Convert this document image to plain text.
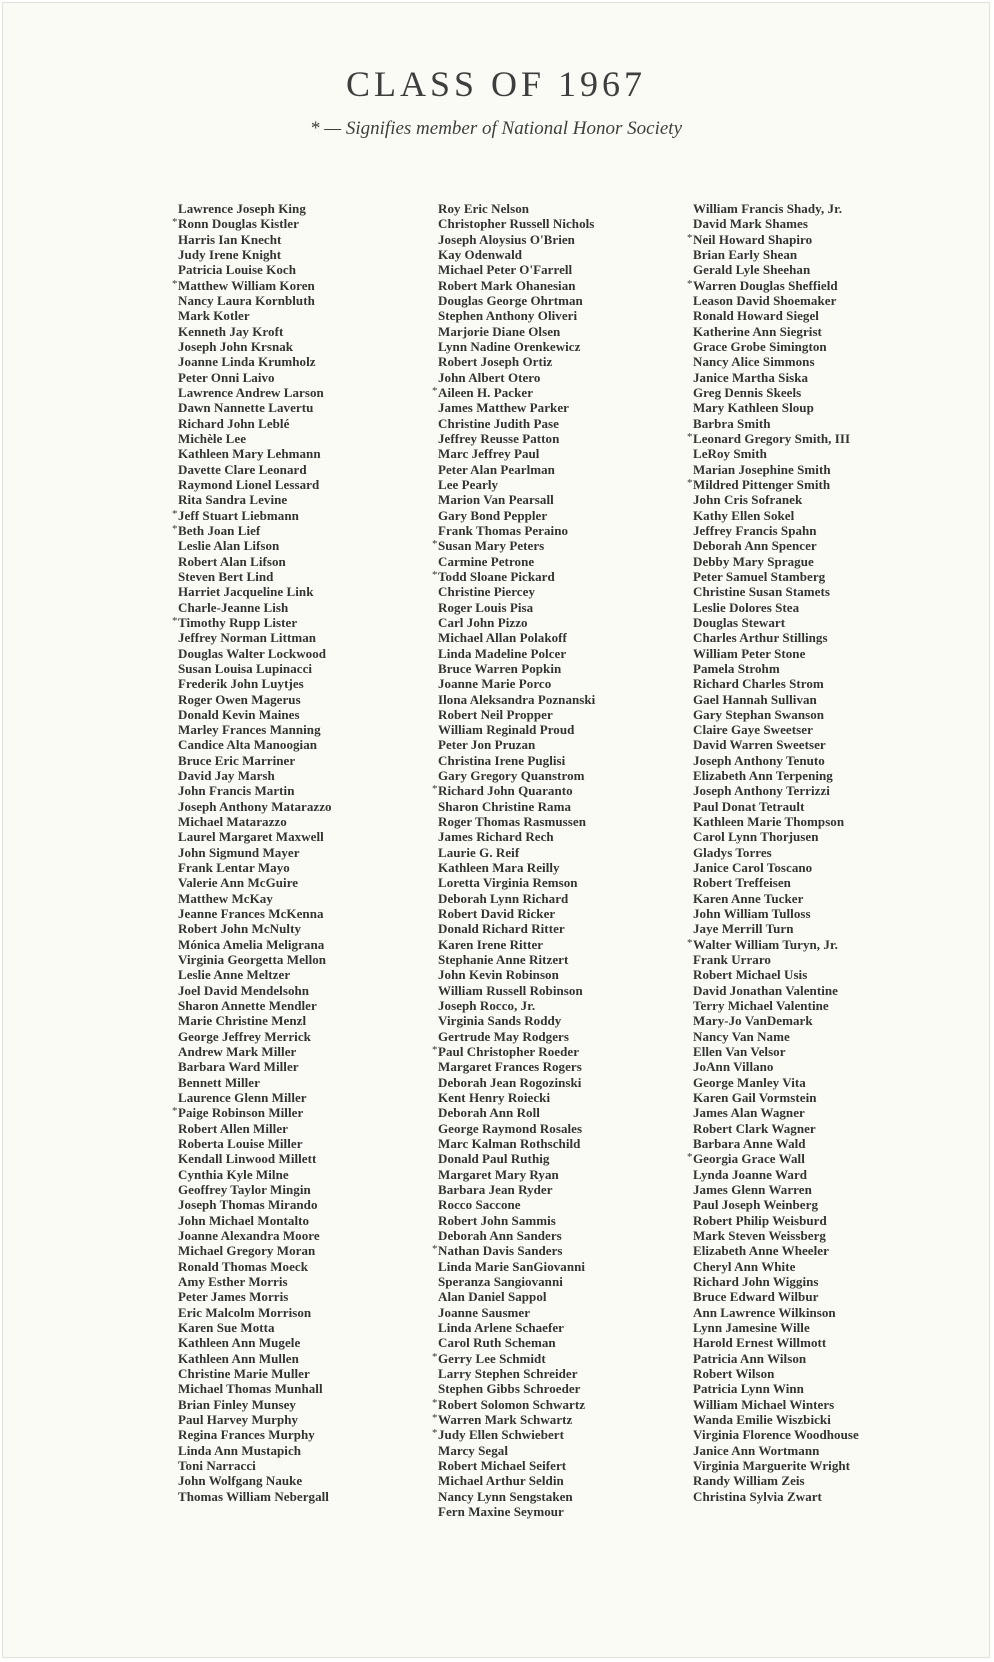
CLASS OF 1967
* — Signifies member of National Honor Society
Lawrence Joseph King
* Ronn Douglas Kistler
Harris Ian Knecht
Judy Irene Knight
Patricia Louise Koch
* Matthew William Koren
Nancy Laura Kornbluth
Mark Kotler
Kenneth Jay Kroft
Joseph John Krsnak
Joanne Linda Krumholz
Peter Onni Laivo
Lawrence Andrew Larson
Dawn Nannette Lavertu
Richard John Leblé
Michèle Lee
Kathleen Mary Lehmann
Davette Clare Leonard
Raymond Lionel Lessard
Rita Sandra Levine
* Jeff Stuart Liebmann
* Beth Joan Lief
Leslie Alan Lifson
Robert Alan Lifson
Steven Bert Lind
Harriet Jacqueline Link
Charle-Jeanne Lish
* Timothy Rupp Lister
Jeffrey Norman Littman
Douglas Walter Lockwood
Susan Louisa Lupinacci
Frederik John Luytjes
Roger Owen Magerus
Donald Kevin Maines
Marley Frances Manning
Candice Alta Manoogian
Bruce Eric Marriner
David Jay Marsh
John Francis Martin
Joseph Anthony Matarazzo
Michael Matarazzo
Laurel Margaret Maxwell
John Sigmund Mayer
Frank Lentar Mayo
Valerie Ann McGuire
Matthew McKay
Jeanne Frances McKenna
Robert John McNulty
Mónica Amelia Meligrana
Virginia Georgetta Mellon
Leslie Anne Meltzer
Joel David Mendelsohn
Sharon Annette Mendler
Marie Christine Menzl
George Jeffrey Merrick
Andrew Mark Miller
Barbara Ward Miller
Bennett Miller
Laurence Glenn Miller
* Paige Robinson Miller
Robert Allen Miller
Roberta Louise Miller
Kendall Linwood Millett
Cynthia Kyle Milne
Geoffrey Taylor Mingin
Joseph Thomas Mirando
John Michael Montalto
Joanne Alexandra Moore
Michael Gregory Moran
Ronald Thomas Moeck
Amy Esther Morris
Peter James Morris
Eric Malcolm Morrison
Karen Sue Motta
Kathleen Ann Mugele
Kathleen Ann Mullen
Christine Marie Muller
Michael Thomas Munhall
Brian Finley Munsey
Paul Harvey Murphy
Regina Frances Murphy
Linda Ann Mustapich
Toni Narracci
John Wolfgang Nauke
Thomas William Nebergall
Roy Eric Nelson
Christopher Russell Nichols
Joseph Aloysius O'Brien
Kay Odenwald
Michael Peter O'Farrell
Robert Mark Ohanesian
Douglas George Ohrtman
Stephen Anthony Oliveri
Marjorie Diane Olsen
Lynn Nadine Orenkewicz
Robert Joseph Ortiz
John Albert Otero
* Aileen H. Packer
James Matthew Parker
Christine Judith Pase
Jeffrey Reusse Patton
Marc Jeffrey Paul
Peter Alan Pearlman
Lee Pearly
Marion Van Pearsall
Gary Bond Peppler
Frank Thomas Peraino
* Susan Mary Peters
Carmine Petrone
* Todd Sloane Pickard
Christine Piercey
Roger Louis Pisa
Carl John Pizzo
Michael Allan Polakoff
Linda Madeline Polcer
Bruce Warren Popkin
Joanne Marie Porco
Ilona Aleksandra Poznanski
Robert Neil Propper
William Reginald Proud
Peter Jon Pruzan
Christina Irene Puglisi
Gary Gregory Quanstrom
* Richard John Quaranto
Sharon Christine Rama
Roger Thomas Rasmussen
James Richard Rech
Laurie G. Reif
Kathleen Mara Reilly
Loretta Virginia Remson
Deborah Lynn Richard
Robert David Ricker
Donald Richard Ritter
Karen Irene Ritter
Stephanie Anne Ritzert
John Kevin Robinson
William Russell Robinson
Joseph Rocco, Jr.
Virginia Sands Roddy
Gertrude May Rodgers
* Paul Christopher Roeder
Margaret Frances Rogers
Deborah Jean Rogozinski
Kent Henry Roiecki
Deborah Ann Roll
George Raymond Rosales
Marc Kalman Rothschild
Donald Paul Ruthig
Margaret Mary Ryan
Barbara Jean Ryder
Rocco Saccone
Robert John Sammis
Deborah Ann Sanders
* Nathan Davis Sanders
Linda Marie SanGiovanni
Speranza Sangiovanni
Alan Daniel Sappol
Joanne Sausmer
Linda Arlene Schaefer
Carol Ruth Scheman
* Gerry Lee Schmidt
Larry Stephen Schreider
Stephen Gibbs Schroeder
* Robert Solomon Schwartz
* Warren Mark Schwartz
* Judy Ellen Schwiebert
Marcy Segal
Robert Michael Seifert
Michael Arthur Seldin
Nancy Lynn Sengstaken
Fern Maxine Seymour
William Francis Shady, Jr.
David Mark Shames
* Neil Howard Shapiro
Brian Early Shean
Gerald Lyle Sheehan
* Warren Douglas Sheffield
Leason David Shoemaker
Ronald Howard Siegel
Katherine Ann Siegrist
Grace Grobe Simington
Nancy Alice Simmons
Janice Martha Siska
Greg Dennis Skeels
Mary Kathleen Sloup
Barbra Smith
* Leonard Gregory Smith, III
LeRoy Smith
Marian Josephine Smith
* Mildred Pittenger Smith
John Cris Sofranek
Kathy Ellen Sokel
Jeffrey Francis Spahn
Deborah Ann Spencer
Debby Mary Sprague
Peter Samuel Stamberg
Christine Susan Stamets
Leslie Dolores Stea
Douglas Stewart
Charles Arthur Stillings
William Peter Stone
Pamela Strohm
Richard Charles Strom
Gael Hannah Sullivan
Gary Stephan Swanson
Claire Gaye Sweetser
David Warren Sweetser
Joseph Anthony Tenuto
Elizabeth Ann Terpening
Joseph Anthony Terrizzi
Paul Donat Tetrault
Kathleen Marie Thompson
Carol Lynn Thorjusen
Gladys Torres
Janice Carol Toscano
Robert Treffeisen
Karen Anne Tucker
John William Tulloss
Jaye Merrill Turn
* Walter William Turyn, Jr.
Frank Urraro
Robert Michael Usis
David Jonathan Valentine
Terry Michael Valentine
Mary-Jo VanDemark
Nancy Van Name
Ellen Van Velsor
JoAnn Villano
George Manley Vita
Karen Gail Vormstein
James Alan Wagner
Robert Clark Wagner
Barbara Anne Wald
* Georgia Grace Wall
Lynda Joanne Ward
James Glenn Warren
Paul Joseph Weinberg
Robert Philip Weisburd
Mark Steven Weissberg
Elizabeth Anne Wheeler
Cheryl Ann White
Richard John Wiggins
Bruce Edward Wilbur
Ann Lawrence Wilkinson
Lynn Jamesine Wille
Harold Ernest Willmott
Patricia Ann Wilson
Robert Wilson
Patricia Lynn Winn
William Michael Winters
Wanda Emilie Wiszbicki
Virginia Florence Woodhouse
Janice Ann Wortmann
Virginia Marguerite Wright
Randy William Zeis
Christina Sylvia Zwart
